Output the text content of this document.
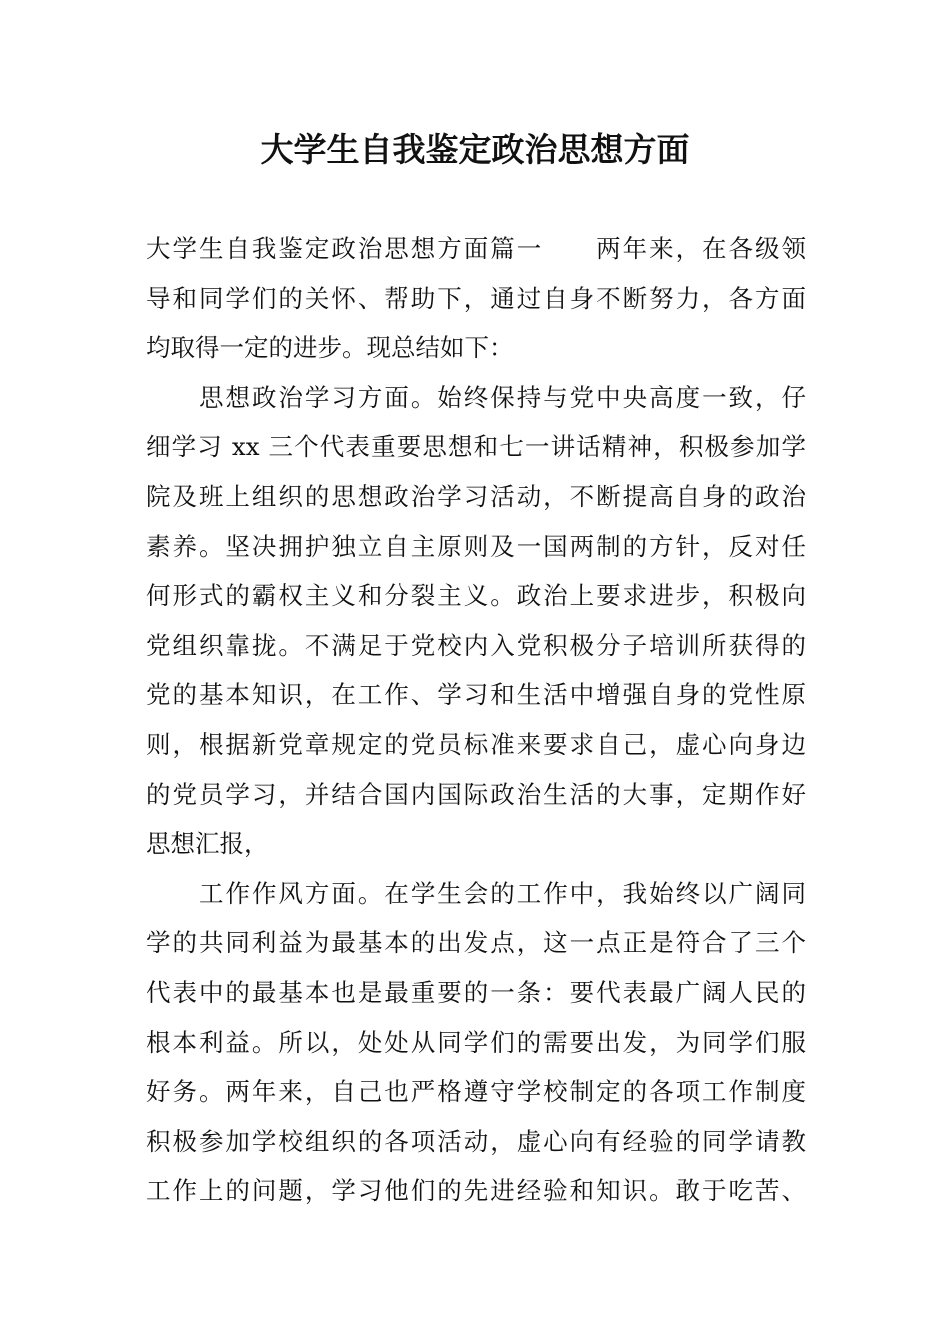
大学生自我鉴定政治思想方面
大学生自我鉴定政治思想方面篇一　　两年来，在各级领
导和同学们的关怀、帮助下，通过自身不断努力，各方面
均取得一定的进步。现总结如下：
思想政治学习方面。始终保持与党中央高度一致，仔
细学习 xx 三个代表重要思想和七一讲话精神，积极参加学
院及班上组织的思想政治学习活动，不断提高自身的政治
素养。坚决拥护独立自主原则及一国两制的方针，反对任
何形式的霸权主义和分裂主义。政治上要求进步，积极向
党组织靠拢。不满足于党校内入党积极分子培训所获得的
党的基本知识，在工作、学习和生活中增强自身的党性原
则，根据新党章规定的党员标准来要求自己，虚心向身边
的党员学习，并结合国内国际政治生活的大事，定期作好
思想汇报，
工作作风方面。在学生会的工作中，我始终以广阔同
学的共同利益为最基本的出发点，这一点正是符合了三个
代表中的最基本也是最重要的一条：要代表最广阔人民的
根本利益。所以，处处从同学们的需要出发，为同学们服
好务。两年来，自己也严格遵守学校制定的各项工作制度
积极参加学校组织的各项活动，虚心向有经验的同学请教
工作上的问题，学习他们的先进经验和知识。敢于吃苦、
